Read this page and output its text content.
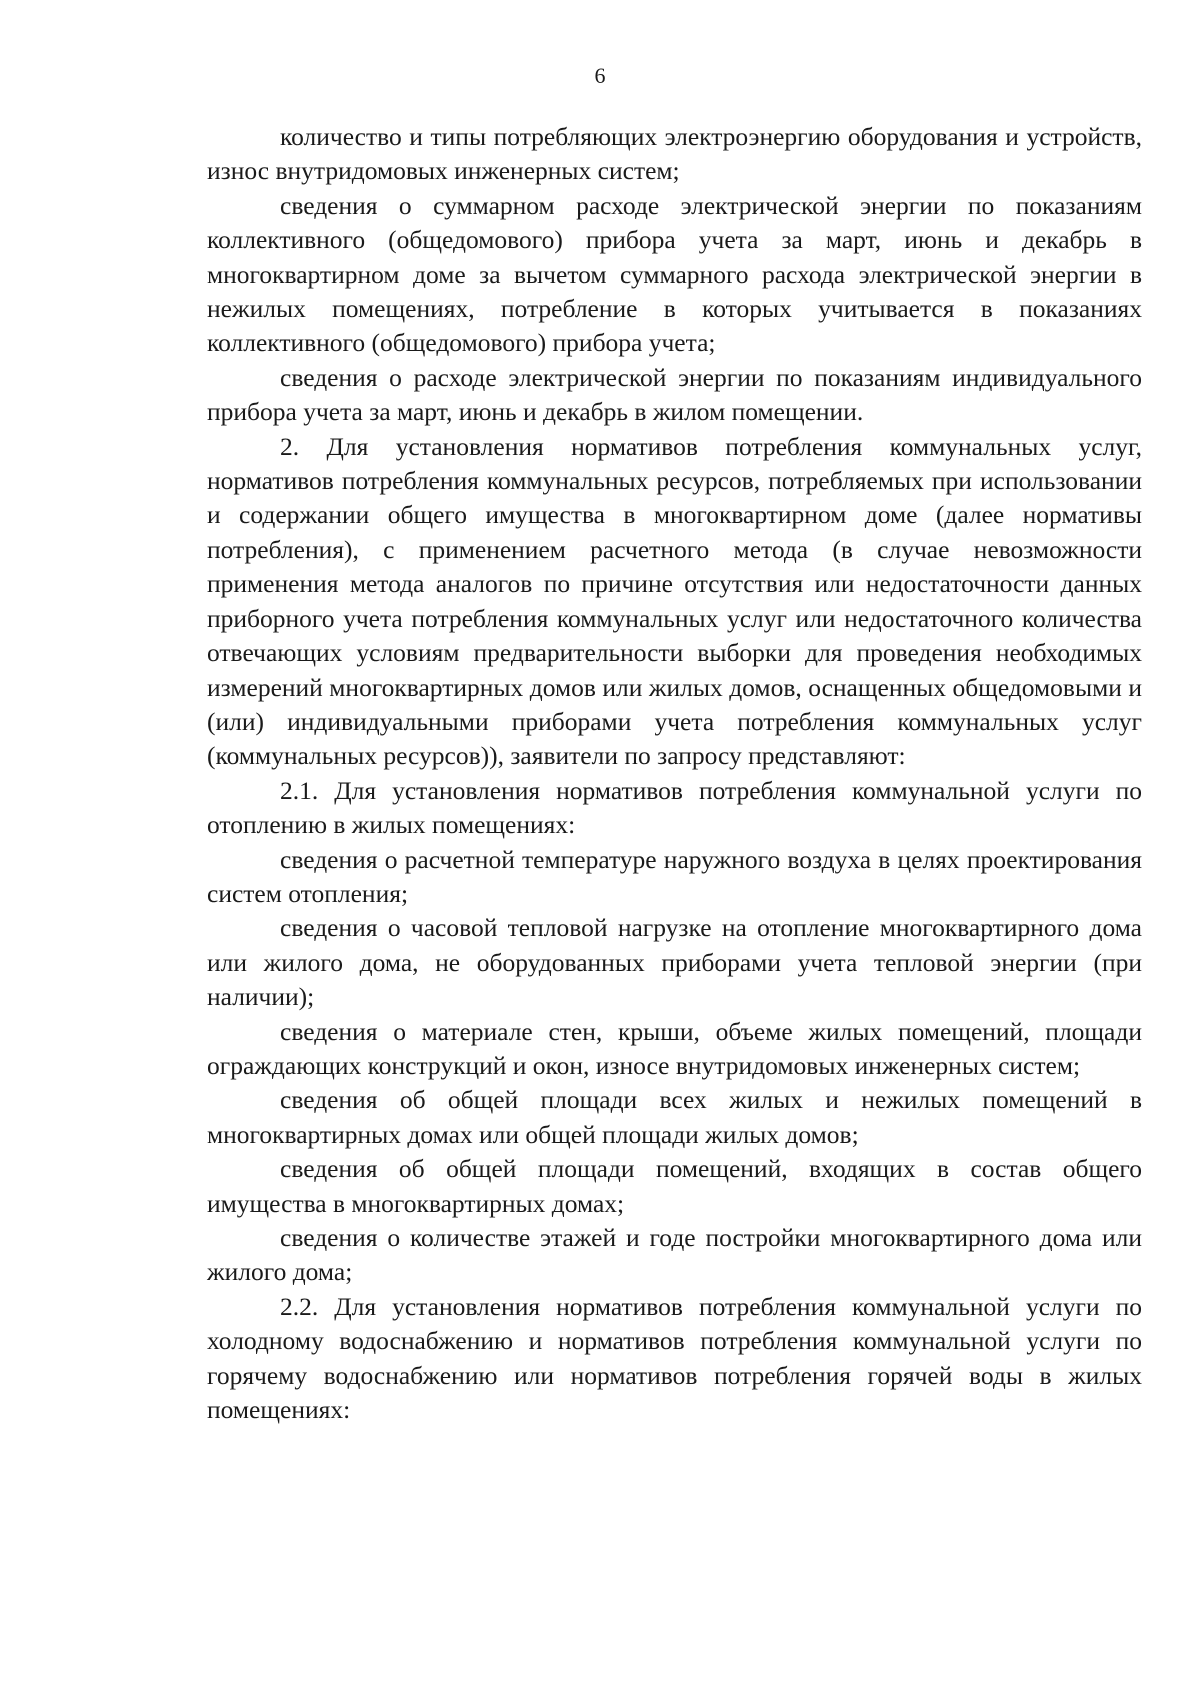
6

количество и типы потребляющих электроэнергию оборудования и устройств, износ внутридомовых инженерных систем;

сведения о суммарном расходе электрической энергии по показаниям коллективного (общедомового) прибора учета за март, июнь и декабрь в многоквартирном доме за вычетом суммарного расхода электрической энергии в нежилых помещениях, потребление в которых учитывается в показаниях коллективного (общедомового) прибора учета;

сведения о расходе электрической энергии по показаниям индивидуального прибора учета за март, июнь и декабрь в жилом помещении.

2. Для установления нормативов потребления коммунальных услуг, нормативов потребления коммунальных ресурсов, потребляемых при использовании и содержании общего имущества в многоквартирном доме (далее нормативы потребления), с применением расчетного метода (в случае невозможности применения метода аналогов по причине отсутствия или недостаточности данных приборного учета потребления коммунальных услуг или недостаточного количества отвечающих условиям предварительности выборки для проведения необходимых измерений многоквартирных домов или жилых домов, оснащенных общедомовыми и (или) индивидуальными приборами учета потребления коммунальных услуг (коммунальных ресурсов)), заявители по запросу представляют:

2.1. Для установления нормативов потребления коммунальной услуги по отоплению в жилых помещениях:

сведения о расчетной температуре наружного воздуха в целях проектирования систем отопления;

сведения о часовой тепловой нагрузке на отопление многоквартирного дома или жилого дома, не оборудованных приборами учета тепловой энергии (при наличии);

сведения о материале стен, крыши, объеме жилых помещений, площади ограждающих конструкций и окон, износе внутридомовых инженерных систем;

сведения об общей площади всех жилых и нежилых помещений в многоквартирных домах или общей площади жилых домов;

сведения об общей площади помещений, входящих в состав общего имущества в многоквартирных домах;

сведения о количестве этажей и годе постройки многоквартирного дома или жилого дома;

2.2. Для установления нормативов потребления коммунальной услуги по холодному водоснабжению и нормативов потребления коммунальной услуги по горячему водоснабжению или нормативов потребления горячей воды в жилых помещениях:
